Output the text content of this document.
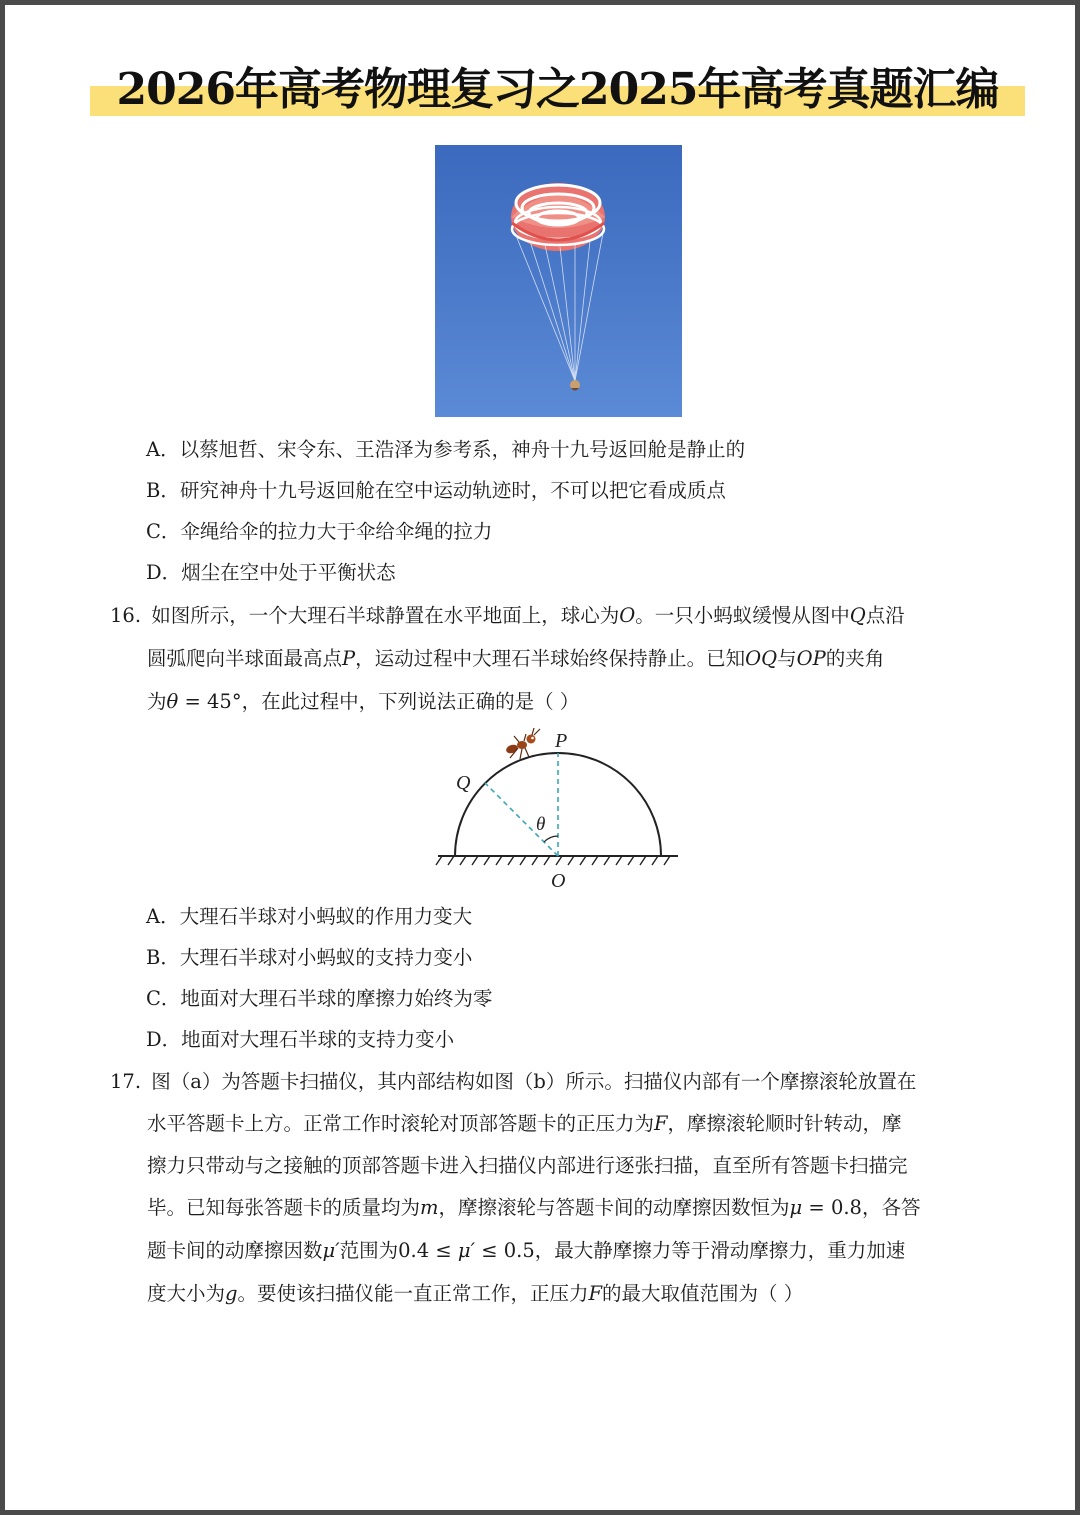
2026年高考物理复习之2025年高考真题汇编
A．以蔡旭哲、宋令东、王浩泽为参考系，神舟十九号返回舱是静止的
B．研究神舟十九号返回舱在空中运动轨迹时，不可以把它看成质点
C．伞绳给伞的拉力大于伞给伞绳的拉力
D．烟尘在空中处于平衡状态
16. 如图所示，一个大理石半球静置在水平地面上，球心为O。一只小蚂蚁缓慢从图中Q点沿
圆弧爬向半球面最高点P，运动过程中大理石半球始终保持静止。已知OQ与OP的夹角
为θ = 45°，在此过程中，下列说法正确的是（ ）
P
Q
O
θ
A．大理石半球对小蚂蚁的作用力变大
B．大理石半球对小蚂蚁的支持力变小
C．地面对大理石半球的摩擦力始终为零
D．地面对大理石半球的支持力变小
17. 图（a）为答题卡扫描仪，其内部结构如图（b）所示。扫描仪内部有一个摩擦滚轮放置在
水平答题卡上方。正常工作时滚轮对顶部答题卡的正压力为F，摩擦滚轮顺时针转动，摩
擦力只带动与之接触的顶部答题卡进入扫描仪内部进行逐张扫描，直至所有答题卡扫描完
毕。已知每张答题卡的质量均为m，摩擦滚轮与答题卡间的动摩擦因数恒为μ = 0.8，各答
题卡间的动摩擦因数μ′范围为0.4 ≤ μ′ ≤ 0.5，最大静摩擦力等于滑动摩擦力，重力加速
度大小为g。要使该扫描仪能一直正常工作，正压力F的最大取值范围为（ ）
